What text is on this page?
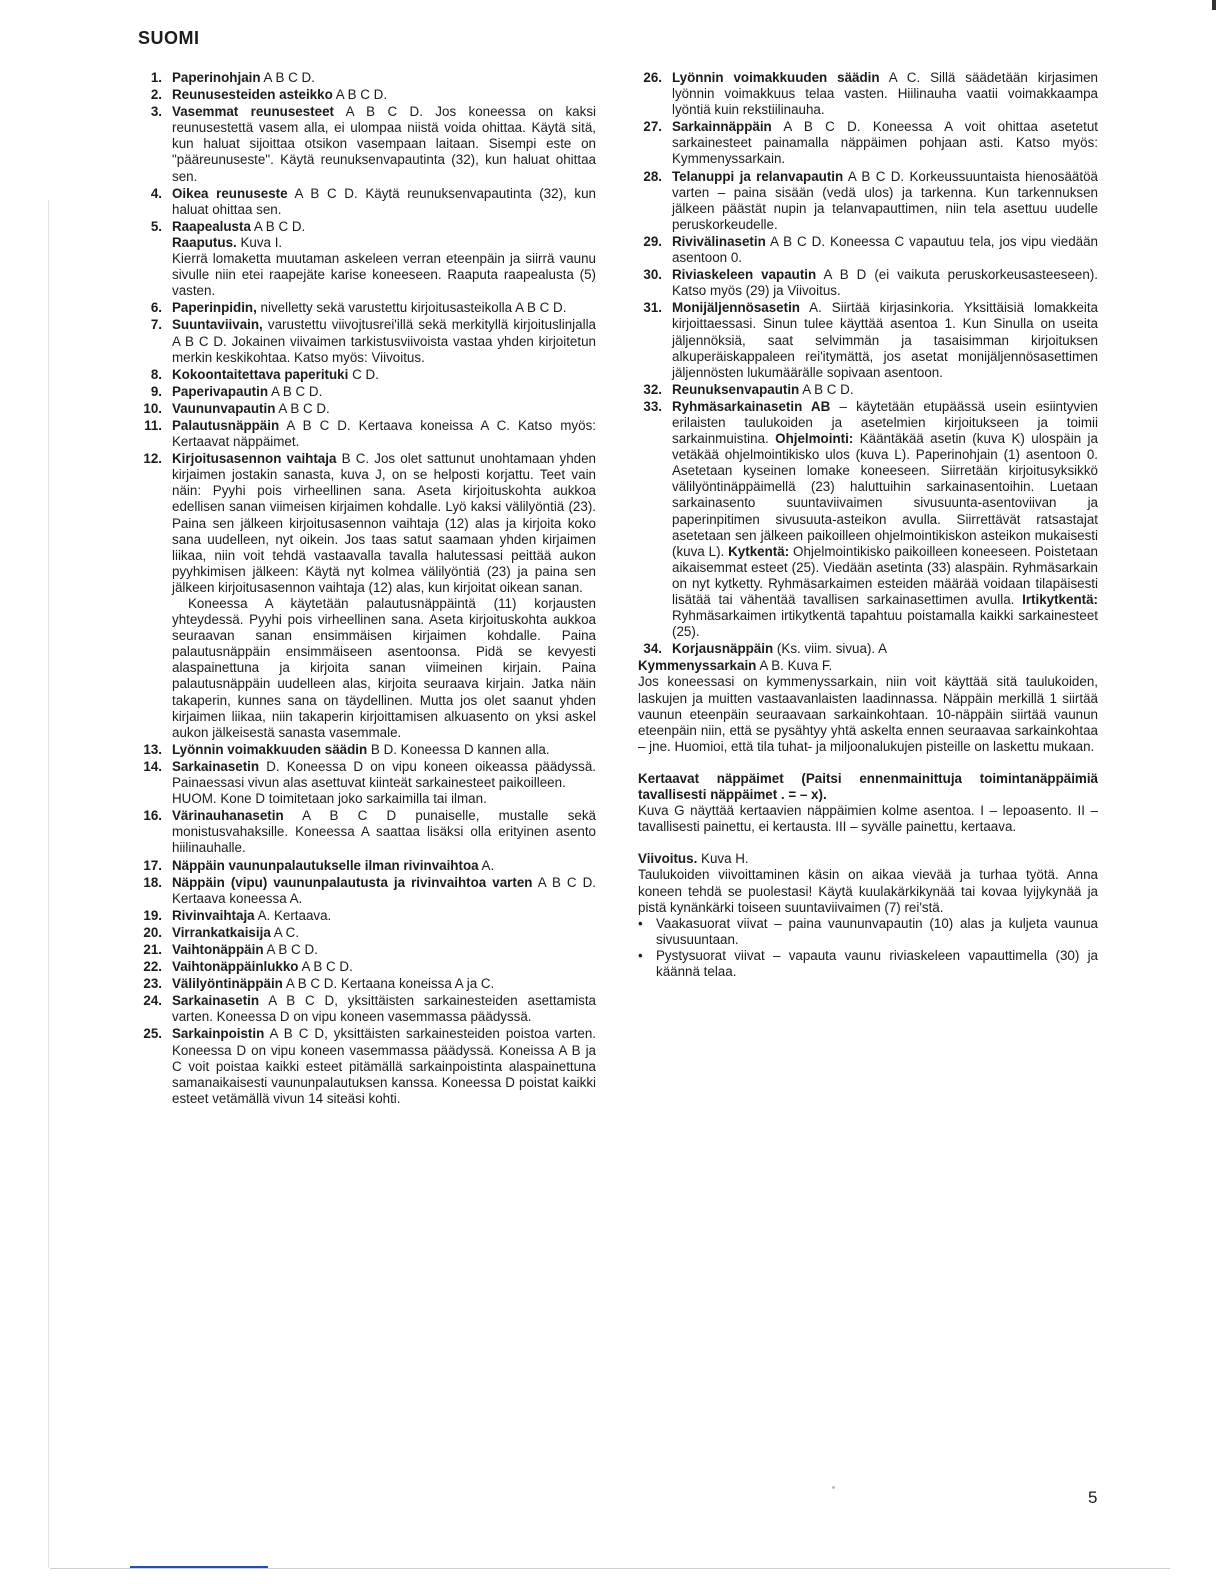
SUOMI
1. Paperinohjain A B C D.

2. Reunusesteiden asteikko A B C D.

3. Vasemmat reunusesteet A B C D. Jos koneessa on kaksi reunusestettä vasem alla, ei ulompaa niistä voida ohittaa. Käytä sitä, kun haluat sijoittaa otsikon vasempaan laitaan. Sisempi este on "pääreunuseste". Käytä reunuksenvapautinta (32), kun haluat ohittaa sen.

4. Oikea reunuseste A B C D. Käytä reunuksenvapautinta (32), kun haluat ohittaa sen.

5. Raapealusta A B C D.

Raaputus. Kuva I.

Kierrä lomaketta muutaman askeleen verran eteenpäin ja siirrä vaunu sivulle niin etei raapejäte karise koneeseen. Raaputa raapealusta (5) vasten.

6. Paperinpidin, nivelletty sekä varustettu kirjoitusasteikolla A B C D.

7. Suuntaviivain, varustettu viivojtusrei'illä sekä merkityllä kirjoituslinjalla A B C D. Jokainen viivaimen tarkistusviivoista vastaa yhden kirjoitetun merkin keskikohtaa. Katso myös: Viivoitus.

8. Kokoontaitettava paperituki C D.

9. Paperivapautin A B C D.

10. Vaununvapautin A B C D.

11. Palautusnäppäin A B C D. Kertaava koneissa A C. Katso myös: Kertaavat näppäimet.

12. Kirjoitusasennon vaihtaja B C. Jos olet sattunut unohtamaan yhden kirjaimen jostakin sanasta, kuva J, on se helposti korjattu. Teet vain näin: Pyyhi pois virheellinen sana. Aseta kirjoituskohta aukkoa edellisen sanan viimeisen kirjaimen kohdalle. Lyö kaksi välilyöntiä (23). Paina sen jälkeen kirjoitusasennon vaihtaja (12) alas ja kirjoita koko sana uudelleen, nyt oikein. Jos taas satut saamaan yhden kirjaimen liikaa, niin voit tehdä vastaavalla tavalla halutessasi peittää aukon pyyhkimisen jälkeen: Käytä nyt kolmea välilyöntiä (23) ja paina sen jälkeen kirjoitusasennon vaihtaja (12) alas, kun kirjoitat oikean sanan.

Koneessa A käytetään palautusnäppäintä (11) korjausten yhteydessä. Pyyhi pois virheellinen sana. Aseta kirjoituskohta aukkoa seuraavan sanan ensimmäisen kirjaimen kohdalle. Paina palautusnäppäin ensimmäiseen asentoonsa. Pidä se kevyesti alaspainettuna ja kirjoita sanan viimeinen kirjain. Paina palautusnäppäin uudelleen alas, kirjoita seuraava kirjain. Jatka näin takaperin, kunnes sana on täydellinen. Mutta jos olet saanut yhden kirjaimen liikaa, niin takaperin kirjoittamisen alkuasento on yksi askel aukon jälkeisestä sanasta vasemmale.

13. Lyönnin voimakkuuden säädin B D. Koneessa D kannen alla.

14. Sarkainasetin D. Koneessa D on vipu koneen oikeassa päädyssä. Painaessasi vivun alas asettuvat kiinteät sarkainesteet paikoilleen.

HUOM. Kone D toimitetaan joko sarkaimilla tai ilman.

16. Värinauhanasetin A B C D punaiselle, mustalle sekä monistusvahaksille. Koneessa A saattaa lisäksi olla erityinen asento hiilinauhalle.

17. Näppäin vaununpalautukselle ilman rivinvaihtoa A.

18. Näppäin (vipu) vaununpalautusta ja rivinvaihtoa varten A B C D. Kertaava koneessa A.

19. Rivinvaihtaja A. Kertaava.

20. Virrankatkaisija A C.

21. Vaihtonäppäin A B C D.

22. Vaihtonäppäinlukko A B C D.

23. Välilyöntinäppäin A B C D. Kertaana koneissa A ja C.

24. Sarkainasetin A B C D, yksittäisten sarkainesteiden asettamista varten. Koneessa D on vipu koneen vasemmassa päädyssä.

25. Sarkainpoistin A B C D, yksittäisten sarkainesteiden poistoa varten. Koneessa D on vipu koneen vasemmassa päädyssä. Koneissa A B ja C voit poistaa kaikki esteet pitämällä sarkainpoistinta alaspainettuna samanaikaisesti vaununpalautuksen kanssa. Koneessa D poistat kaikki esteet vetämällä vivun 14 siteäsi kohti.

26. Lyönnin voimakkuuden säädin A C. Sillä säädetään kirjasimen lyönnin voimakkuus telaa vasten. Hiilinauha vaatii voimakkaampa lyöntiä kuin rekstiilinauha.

27. Sarkainnäppäin A B C D. Koneessa A voit ohittaa asetetut sarkainesteet painamalla näppäimen pohjaan asti. Katso myös: Kymmenyssarkain.

28. Telanuppi ja relanvapautin A B C D. Korkeussuuntaista hienosäätöä varten – paina sisään (vedä ulos) ja tarkenna. Kun tarkennuksen jälkeen päästät nupin ja telanvapauttimen, niin tela asettuu uudelle peruskorkeudelle.

29. Rivivälinasetin A B C D. Koneessa C vapautuu tela, jos vipu viedään asentoon 0.

30. Riviaskeleen vapautin A B D (ei vaikuta peruskorkeusasteeseen). Katso myös (29) ja Viivoitus.

31. Monijäljennösasetin A. Siirtää kirjasinkoria. Yksittäisiä lomakkeita kirjoittaessasi. Sinun tulee käyttää asentoa 1. Kun Sinulla on useita jäljennöksiä, saat selvimmän ja tasaisimman kirjoituksen alkuperäiskappaleen rei'itymättä, jos asetat monijäljennösasettimen jäljennösten lukumäärälle sopivaan asentoon.

32. Reunuksenvapautin A B C D.

33. Ryhmäsarkainasetin AB – käytetään etupäässä usein esiintyvien erilaisten taulukoiden ja asetelmien kirjoitukseen ja toimii sarkainmuistina. Ohjelmointi: Kääntäkää asetin (kuva K) ulospäin ja vetäkää ohjelmointikisko ulos (kuva L). Paperinohjain (1) asentoon 0. Asetetaan kyseinen lomake koneeseen. Siirretään kirjoitusyksikkö välilyöntinäppäimellä (23) haluttuihin sarkainasentoihin. Luetaan sarkainasento suuntaviivaimen sivusuunta-asentoviivan ja paperinpitimen sivusuuta-asteikon avulla. Siirrettävät ratsastajat asetetaan sen jälkeen paikoilleen ohjelmointikiskon asteikon mukaisesti (kuva L). Kytkentä: Ohjelmointikisko paikoilleen koneeseen. Poistetaan aikaisemmat esteet (25). Viedään asetinta (33) alaspäin. Ryhmäsarkain on nyt kytketty. Ryhmäsarkaimen esteiden määrää voidaan tilapäisesti lisätää tai vähentää tavallisen sarkainasettimen avulla. Irtikytkentä: Ryhmäsarkaimen irtikytkentä tapahtuu poistamalla kaikki sarkainesteet (25).

34. Korjausnäppäin (Ks. viim. sivua). A

Kymmenyssarkain A B. Kuva F.

Jos koneessasi on kymmenyssarkain, niin voit käyttää sitä taulukoiden, laskujen ja muitten vastaavanlaisten laadinnassa. Näppäin merkillä 1 siirtää vaunun eteenpäin seuraavaan sarkainkohtaan. 10-näppäin siirtää vaunun eteenpäin niin, että se pysähtyy yhtä askelta ennen seuraavaa sarkainkohtaa – jne. Huomioi, että tila tuhat- ja miljoonalukujen pisteille on laskettu mukaan.

Kertaavat näppäimet (Paitsi ennenmainittuja toimintanäppäimiä tavallisesti näppäimet . = – x).

Kuva G näyttää kertaavien näppäimien kolme asentoa. I – lepoasento. II – tavallisesti painettu, ei kertausta. III – syvälle painettu, kertaava.

Viivoitus. Kuva H.

Taulukoiden viivoittaminen käsin on aikaa vievää ja turhaa työtä. Anna koneen tehdä se puolestasi! Käytä kuulakärkikynää tai kovaa lyijykynää ja pistä kynänkärki toiseen suuntaviivaimen (7) rei'stä.

• Vaakasuorat viivat – paina vaununvapautin (10) alas ja kuljeta vaunua sivusuuntaan.
• Pystysuorat viivat – vapauta vaunu riviaskeleen vapauttimella (30) ja käännä telaa.
5
